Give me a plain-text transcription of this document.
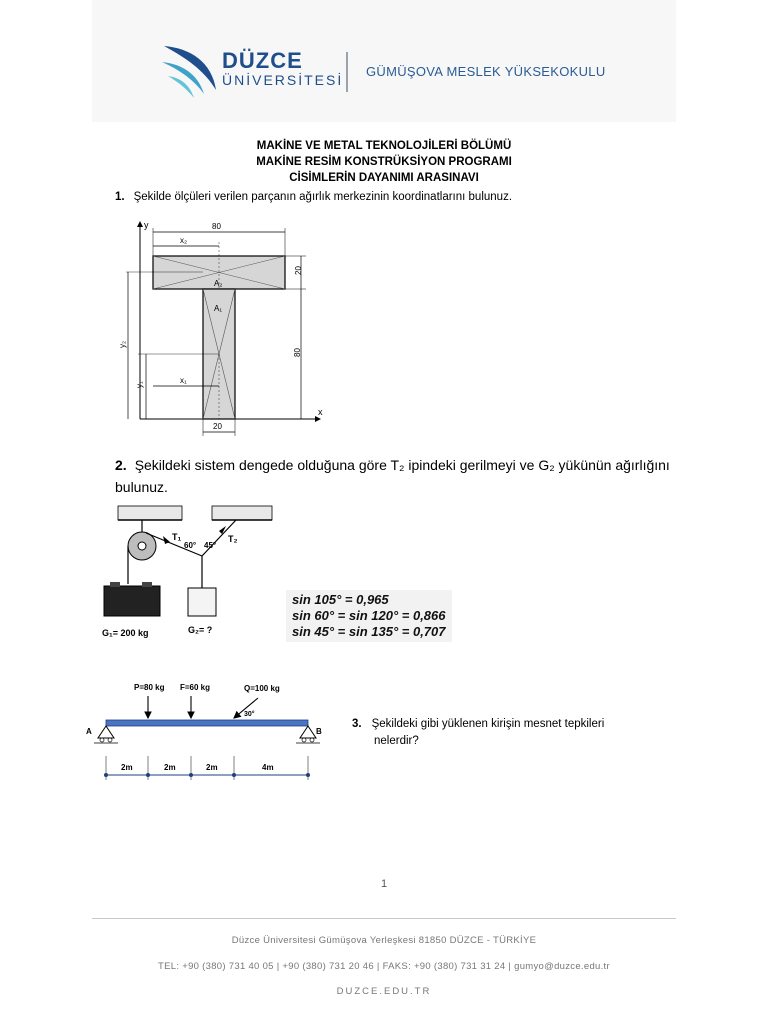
DÜZCE
ÜNİVERSİTESİ
GÜMÜŞOVA MESLEK YÜKSEKOKULU
MAKİNE VE METAL TEKNOLOJİLERİ BÖLÜMÜ
MAKİNE RESİM KONSTRÜKSİYON PROGRAMI
CİSİMLERİN DAYANIMI ARASINAVI
1. Şekilde ölçüleri verilen parçanın ağırlık merkezinin koordinatlarını bulunuz.
y
x
A₂
A₁
80
x₂
20
80
y₂
y₁	x₁
20
2. Şekildeki sistem dengede olduğuna göre T₂ ipindeki gerilmeyi ve G₂ yükünün ağırlığını bulunuz.
T₁	T₂
60° 45°
G₁= 200 kg	G₂= ?
sin 105° = 0,965
sin 60° = sin 120° = 0,866
sin 45° = sin 135° = 0,707
P=80 kg F=60 kg	Q=100 kg
30°
A	B
2m	2m	2m	4m
3. Şekildeki gibi yüklenen kirişin mesnet tepkileri
nelerdir?
1
Düzce Üniversitesi Gümüşova Yerleşkesi 81850 DÜZCE - TÜRKİYE
TEL: +90 (380) 731 40 05 | +90 (380) 731 20 46 | FAKS: +90 (380) 731 31 24 | gumyo@duzce.edu.tr
DUZCE.EDU.TR
